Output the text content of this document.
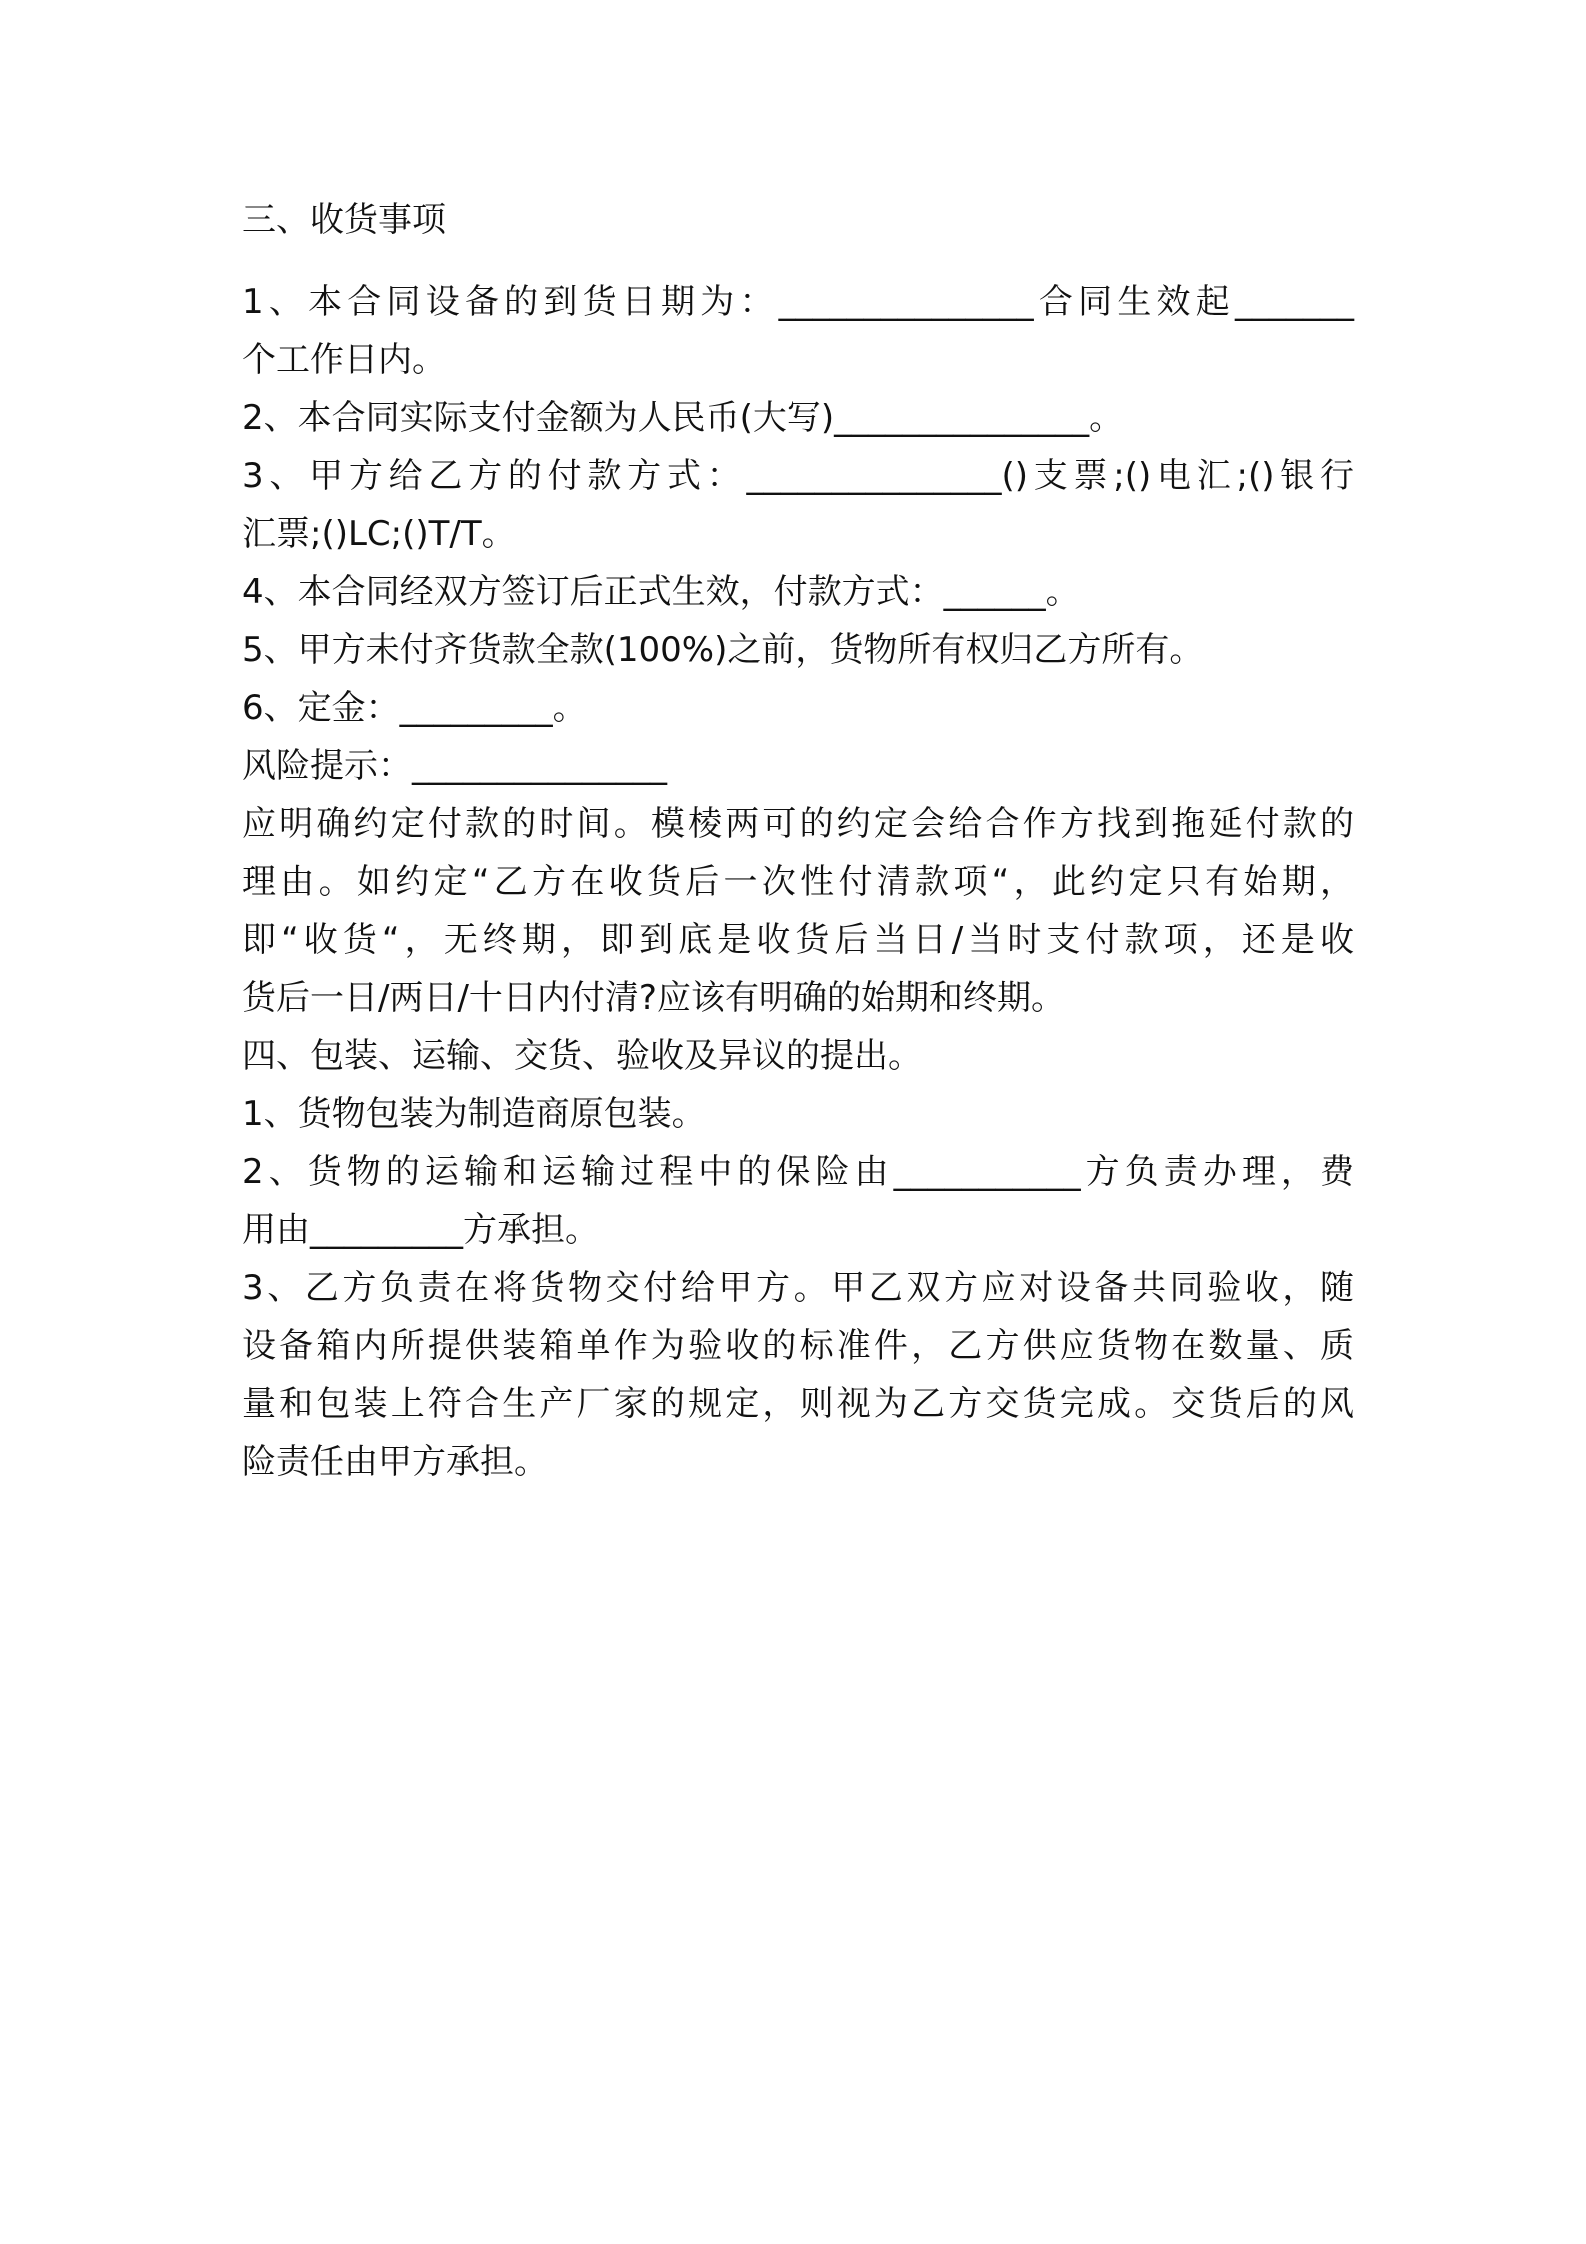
三、收货事项
1、本合同设备的到货日期为：_______________合同生效起_______
个工作日内。
2、本合同实际支付金额为人民币(大写)_______________。
3、甲方给乙方的付款方式：_______________()支票;()电汇;()银行
汇票;()LC;()T/T。
4、本合同经双方签订后正式生效，付款方式：______。
5、甲方未付齐货款全款(100%)之前，货物所有权归乙方所有。
6、定金：_________。
风险提示：_______________
应明确约定付款的时间。模棱两可的约定会给合作方找到拖延付款的
理由。如约定“乙方在收货后一次性付清款项“，此约定只有始期，
即“收货“，无终期，即到底是收货后当日/当时支付款项，还是收
货后一日/两日/十日内付清?应该有明确的始期和终期。
四、包装、运输、交货、验收及异议的提出。
1、货物包装为制造商原包装。
2、货物的运输和运输过程中的保险由___________方负责办理，费
用由_________方承担。
3、乙方负责在将货物交付给甲方。甲乙双方应对设备共同验收，随
设备箱内所提供装箱单作为验收的标准件，乙方供应货物在数量、质
量和包装上符合生产厂家的规定，则视为乙方交货完成。交货后的风
险责任由甲方承担。
